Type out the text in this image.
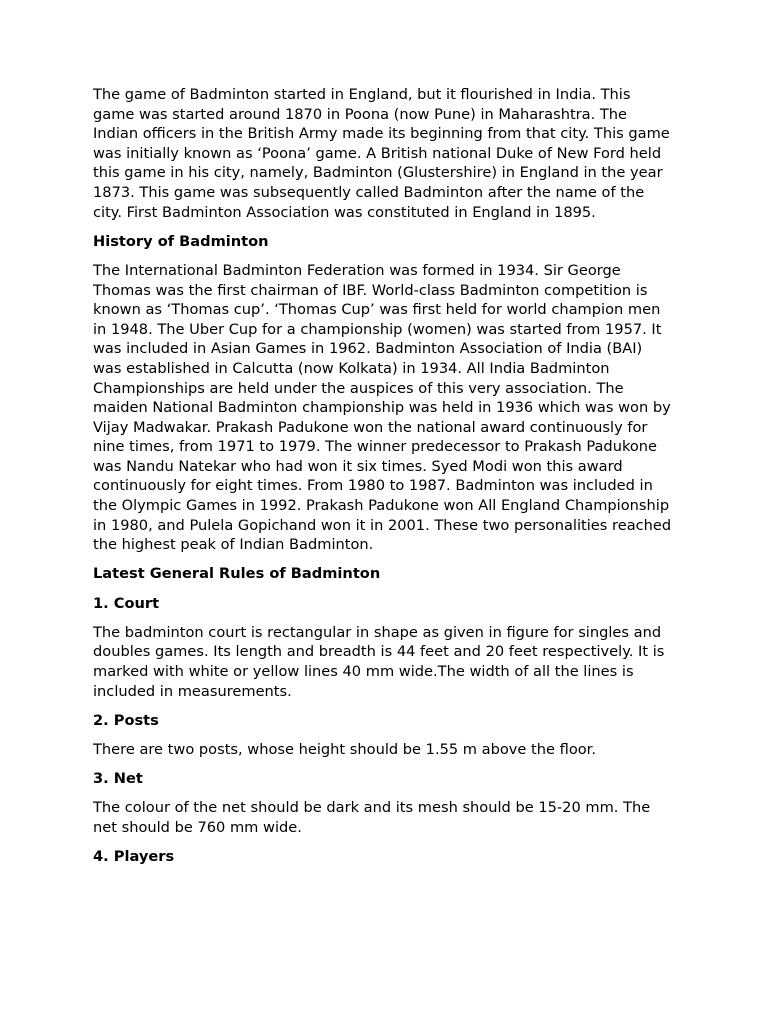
The game of Badminton started in England, but it flourished in India. This game was started around 1870 in Poona (now Pune) in Maharashtra. The Indian officers in the British Army made its beginning from that city. This game was initially known as ‘Poona’ game. A British national Duke of New Ford held this game in his city, namely, Badminton (Glustershire) in England in the year 1873. This game was subsequently called Badminton after the name of the city. First Badminton Association was constituted in England in 1895.

History of Badminton

The International Badminton Federation was formed in 1934. Sir George Thomas was the first chairman of IBF. World-class Badminton competition is known as ‘Thomas cup’. ‘Thomas Cup’ was first held for world champion men in 1948. The Uber Cup for a championship (women) was started from 1957. It was included in Asian Games in 1962. Badminton Association of India (BAI) was established in Calcutta (now Kolkata) in 1934. All India Badminton Championships are held under the auspices of this very association. The maiden National Badminton championship was held in 1936 which was won by Vijay Madwakar. Prakash Padukone won the national award continuously for nine times, from 1971 to 1979. The winner predecessor to Prakash Padukone was Nandu Natekar who had won it six times. Syed Modi won this award continuously for eight times. From 1980 to 1987. Badminton was included in the Olympic Games in 1992. Prakash Padukone won All England Championship in 1980, and Pulela Gopichand won it in 2001. These two personalities reached the highest peak of Indian Badminton.

Latest General Rules of Badminton

1. Court

The badminton court is rectangular in shape as given in figure for singles and doubles games. Its length and breadth is 44 feet and 20 feet respectively. It is marked with white or yellow lines 40 mm wide.The width of all the lines is included in measurements.

2. Posts

There are two posts, whose height should be 1.55 m above the floor.

3. Net

The colour of the net should be dark and its mesh should be 15-20 mm. The net should be 760 mm wide.

4. Players
